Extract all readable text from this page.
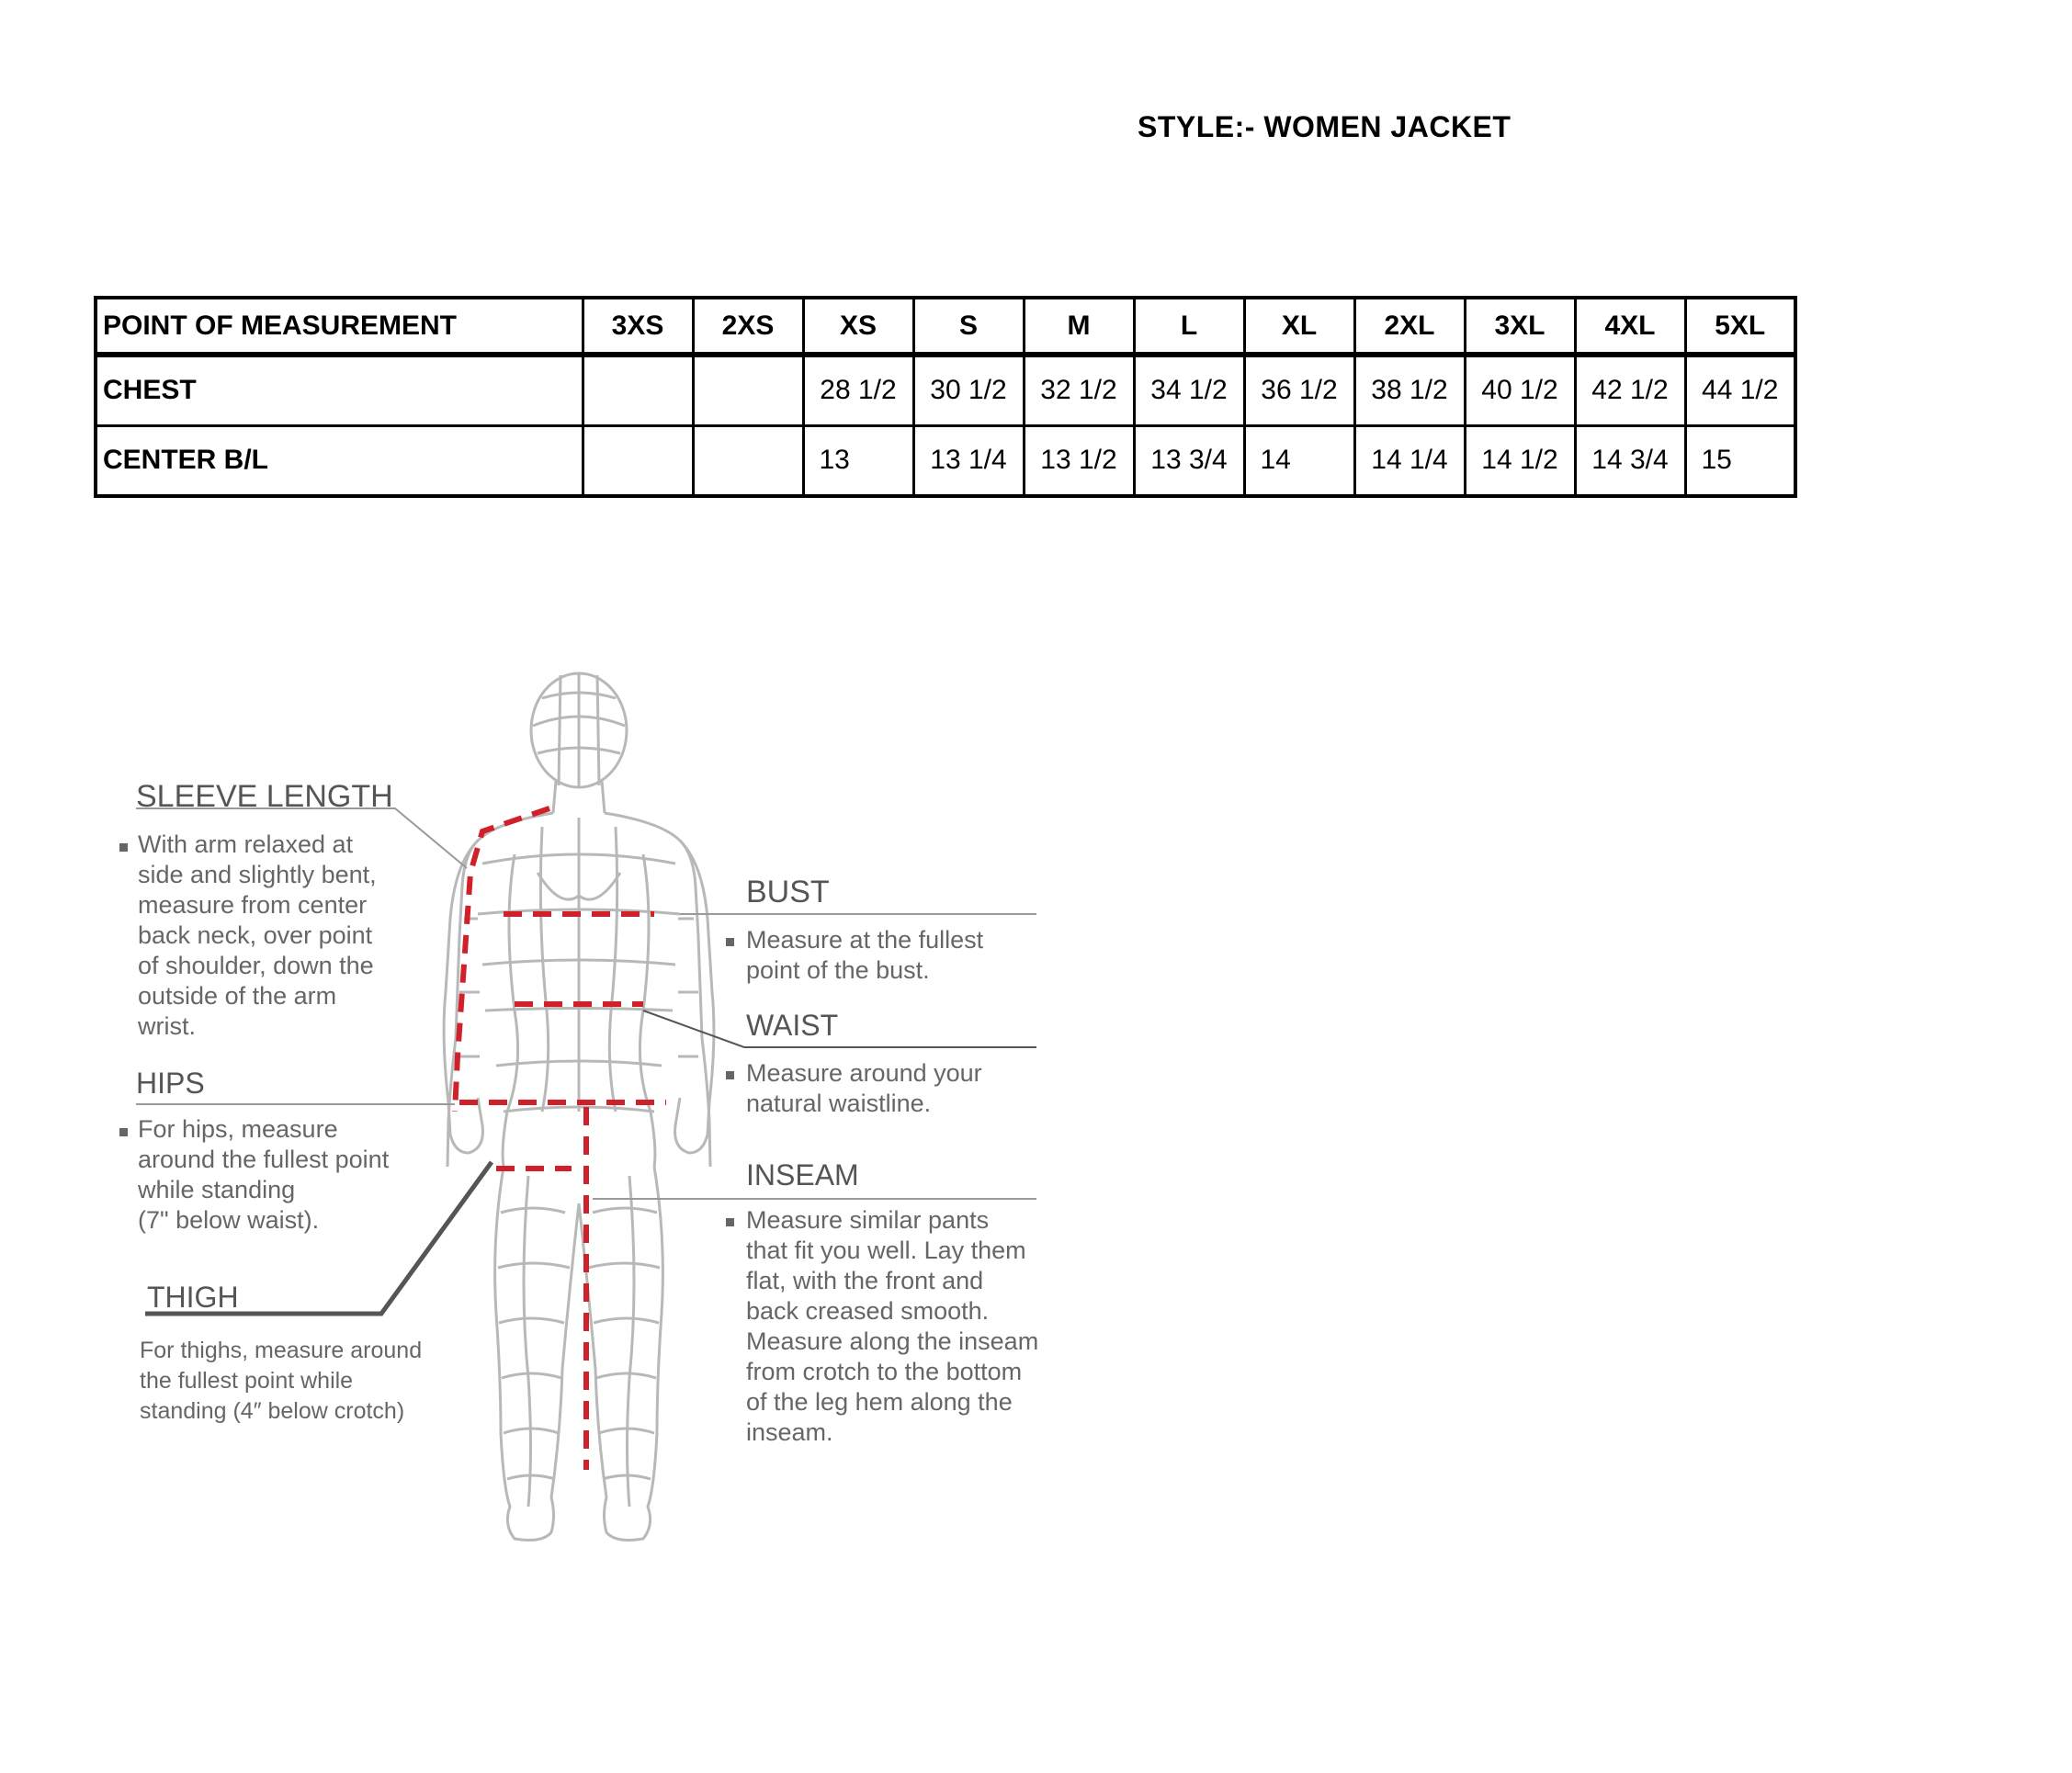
STYLE:- WOMEN JACKET
POINT OF MEASUREMENT	3XS	2XS	XS	S	M	L	XL	2XL	3XL	4XL	5XL
CHEST			28 1/2	30 1/2	32 1/2	34 1/2	36 1/2	38 1/2	40 1/2	42 1/2	44 1/2
CENTER B/L			13	13 1/4	13 1/2	13 3/4	14	14 1/4	14 1/2	14 3/4	15
SLEEVE LENGTH
With arm relaxed at side and slightly bent, measure from center back neck, over point of shoulder, down the outside of the arm wrist.
HIPS
For hips, measure around the fullest point while standing (7" below waist).
THIGH
For thighs, measure around the fullest point while standing (4″ below crotch)
BUST
Measure at the fullest point of the bust.
WAIST
Measure around your natural waistline.
INSEAM
Measure similar pants that fit you well. Lay them flat, with the front and back creased smooth. Measure along the inseam from crotch to the bottom of the leg hem along the inseam.
